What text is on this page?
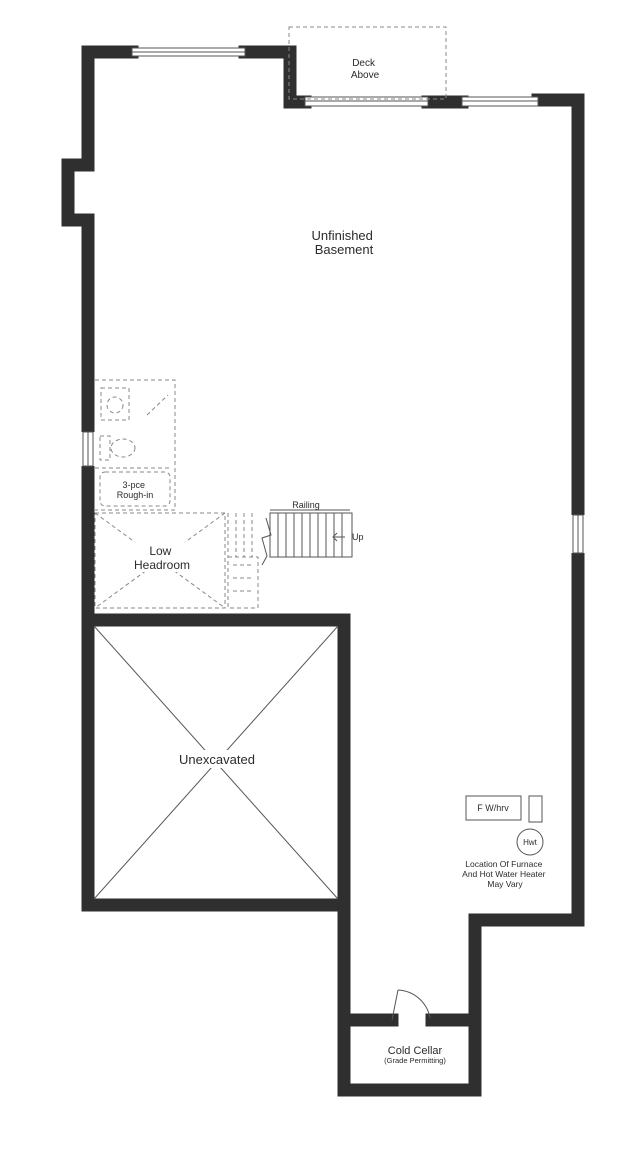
Deck Above
Unfinished Basement
3-pce Rough-in
Low Headroom
Railing
Up
Unexcavated
Cold Cellar
(Grade Permitting)
F W/hrv
Hwt
Location Of Furnace And Hot Water Heater May Vary
